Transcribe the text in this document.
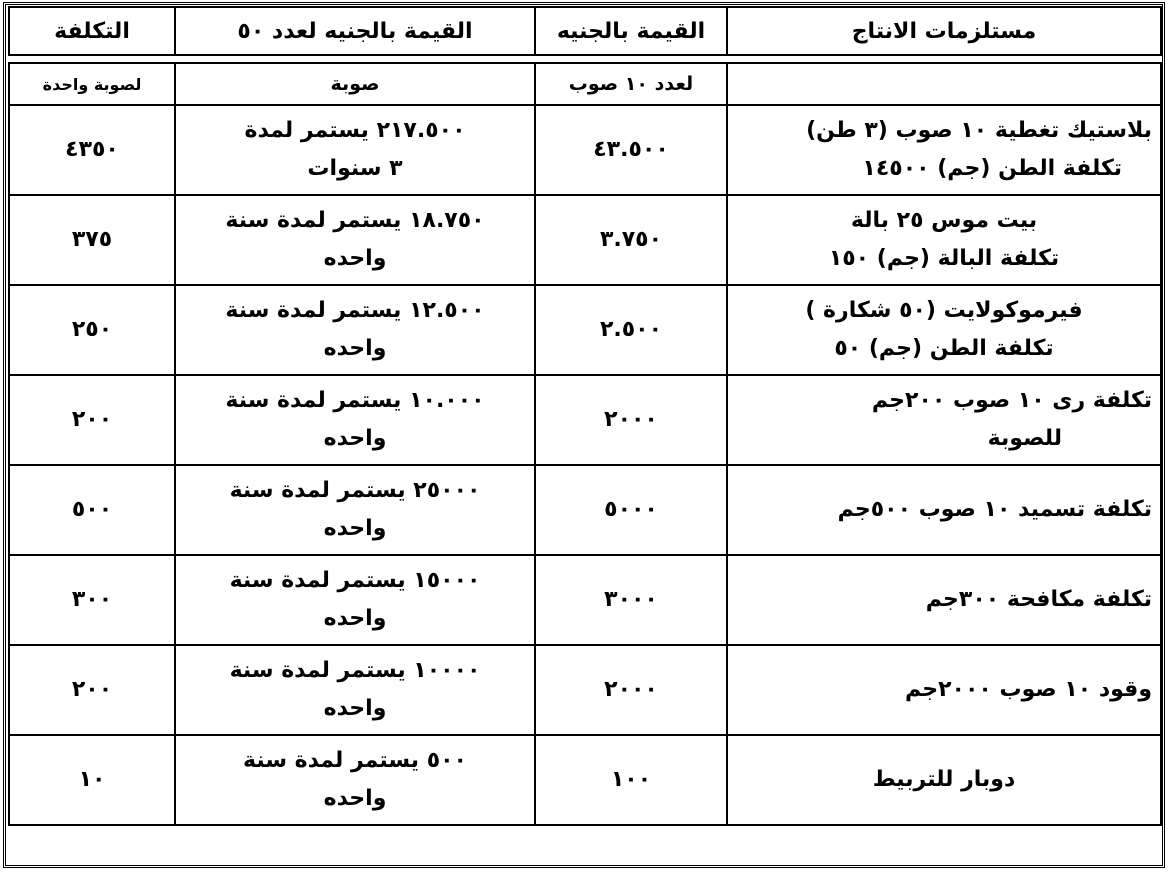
مستلزمات الانتاج	القيمة بالجنيه	القيمة بالجنيه لعدد ٥٠	التكلفة

	لعدد ١٠ صوب	صوبة	لصوبة واحدة

بلاستيك تغطية ١٠ صوب (٣ طن)
تكلفة الطن (جم) ١٤٥٠٠	٤٣.٥٠٠	٢١٧.٥٠٠ يستمر لمدة
٣ سنوات	٤٣٥٠

بيت موس ٢٥ بالة
تكلفة البالة (جم) ١٥٠	٣.٧٥٠	١٨.٧٥٠ يستمر لمدة سنة
واحده	٣٧٥

فيرموكولايت (٥٠ شكارة )
تكلفة الطن (جم) ٥٠	٢.٥٠٠	١٢.٥٠٠ يستمر لمدة سنة
واحده	٢٥٠

تكلفة رى ١٠ صوب ٢٠٠جم
للصوبة	٢٠٠٠	١٠.٠٠٠ يستمر لمدة سنة
واحده	٢٠٠

تكلفة تسميد ١٠ صوب ٥٠٠جم	٥٠٠٠	٢٥٠٠٠ يستمر لمدة سنة
واحده	٥٠٠

تكلفة مكافحة ٣٠٠جم	٣٠٠٠	١٥٠٠٠ يستمر لمدة سنة
واحده	٣٠٠

وقود ١٠ صوب ٢٠٠٠جم	٢٠٠٠	١٠٠٠٠ يستمر لمدة سنة
واحده	٢٠٠

دوبار للتربيط	١٠٠	٥٠٠ يستمر لمدة سنة
واحده	١٠
